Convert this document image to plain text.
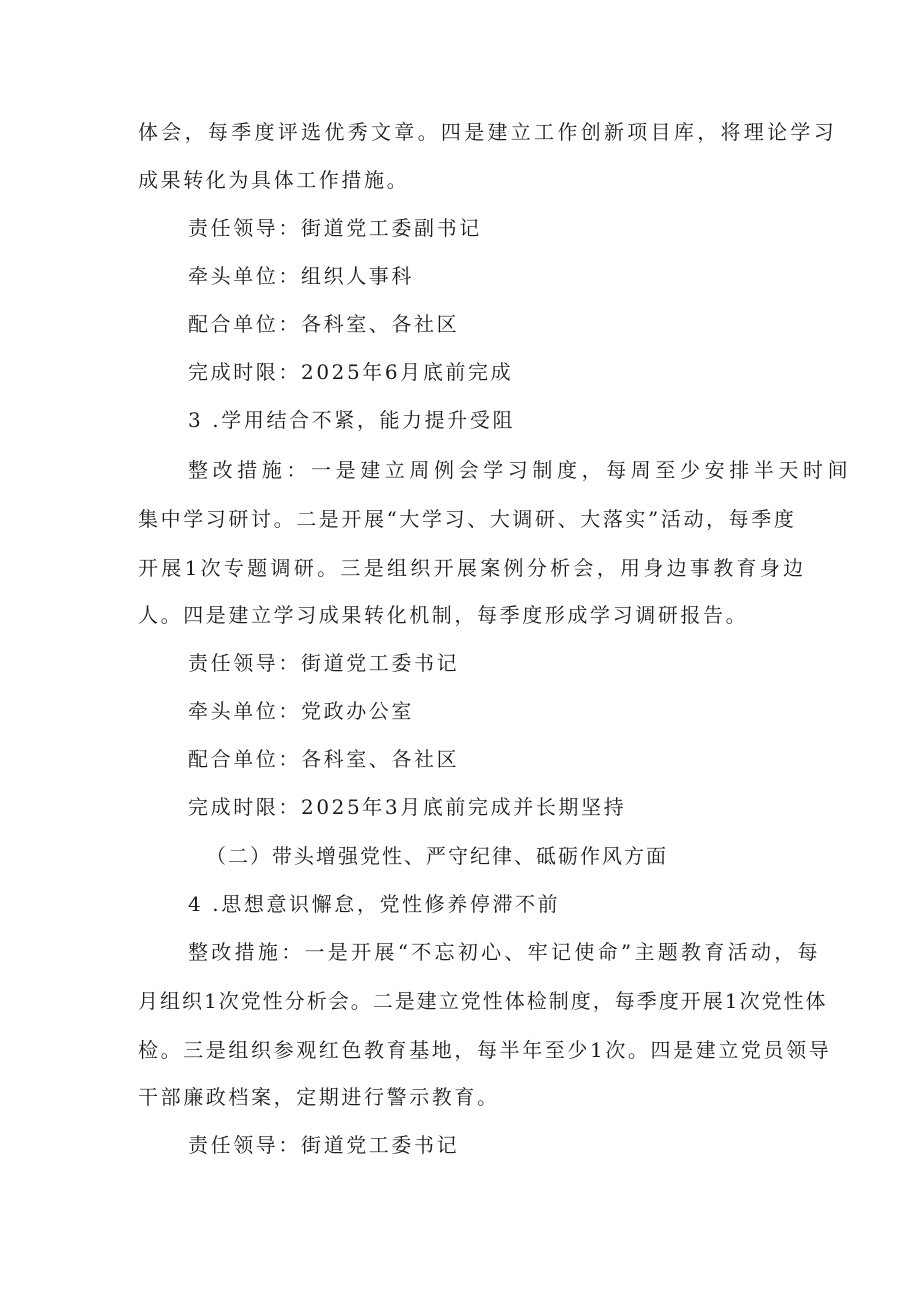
体会，每季度评选优秀文章。四是建立工作创新项目库，将理论学习
成果转化为具体工作措施。
责任领导：街道党工委副书记
牵头单位：组织人事科
配合单位：各科室、各社区
完成时限：2025年6月底前完成
3 .学用结合不紧，能力提升受阻
整改措施：一是建立周例会学习制度，每周至少安排半天时间
集中学习研讨。二是开展“大学习、大调研、大落实”活动，每季度
开展1次专题调研。三是组织开展案例分析会，用身边事教育身边
人。四是建立学习成果转化机制，每季度形成学习调研报告。
责任领导：街道党工委书记
牵头单位：党政办公室
配合单位：各科室、各社区
完成时限：2025年3月底前完成并长期坚持
（二）带头增强党性、严守纪律、砥砺作风方面
4 .思想意识懈怠，党性修养停滞不前
整改措施：一是开展“不忘初心、牢记使命”主题教育活动，每
月组织1次党性分析会。二是建立党性体检制度，每季度开展1次党性体
检。三是组织参观红色教育基地，每半年至少1次。四是建立党员领导
干部廉政档案，定期进行警示教育。
责任领导：街道党工委书记
